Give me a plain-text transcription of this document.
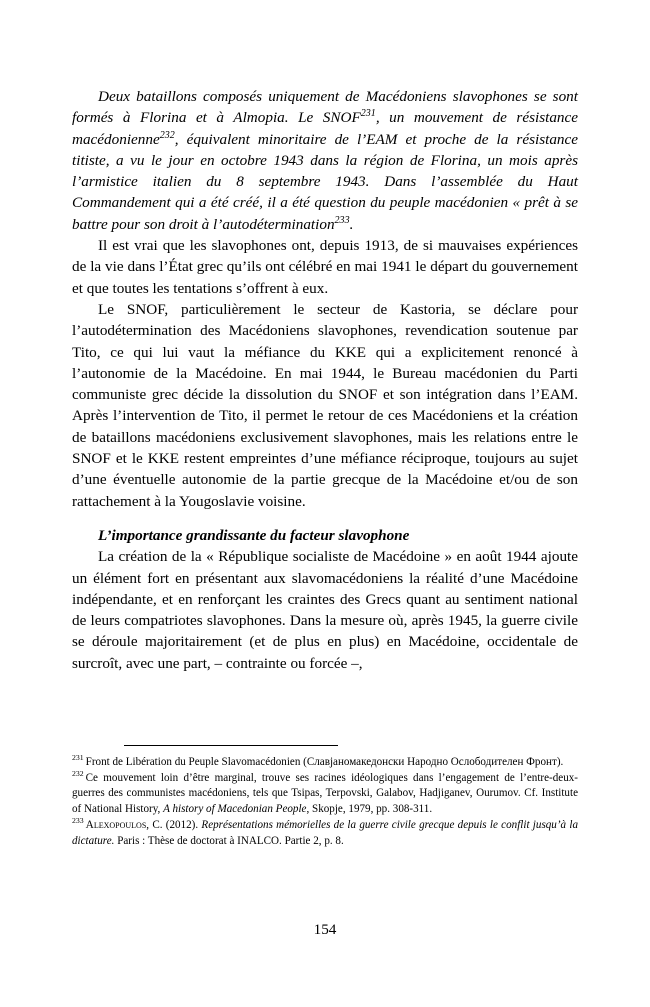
Deux bataillons composés uniquement de Macédoniens slavophones se sont formés à Florina et à Almopia. Le SNOF$^{231}$, un mouvement de résistance macédonienne$^{232}$, équivalent minoritaire de l’EAM et proche de la résistance titiste, a vu le jour en octobre 1943 dans la région de Florina, un mois après l’armistice italien du 8 septembre 1943. Dans l’assemblée du Haut Commandement qui a été créé, il a été question du peuple macédonien « prêt à se battre pour son droit à l’autodétermination$^{233}$.

Il est vrai que les slavophones ont, depuis 1913, de si mauvaises expériences de la vie dans l’État grec qu’ils ont célébré en mai 1941 le départ du gouvernement et que toutes les tentations s’offrent à eux.

Le SNOF, particulièrement le secteur de Kastoria, se déclare pour l’autodétermination des Macédoniens slavophones, revendication soutenue par Tito, ce qui lui vaut la méfiance du KKE qui a explicitement renoncé à l’autonomie de la Macédoine. En mai 1944, le Bureau macédonien du Parti communiste grec décide la dissolution du SNOF et son intégration dans l’EAM. Après l’intervention de Tito, il permet le retour de ces Macédoniens et la création de bataillons macédoniens exclusivement slavophones, mais les relations entre le SNOF et le KKE restent empreintes d’une méfiance réciproque, toujours au sujet d’une éventuelle autonomie de la partie grecque de la Macédoine et/ou de son rattachement à la Yougoslavie voisine.

L’importance grandissante du facteur slavophone

La création de la « République socialiste de Macédoine » en août 1944 ajoute un élément fort en présentant aux slavomacédoniens la réalité d’une Macédoine indépendante, et en renforçant les craintes des Grecs quant au sentiment national de leurs compatriotes slavophones. Dans la mesure où, après 1945, la guerre civile se déroule majoritairement (et de plus en plus) en Macédoine, occidentale de surcroît, avec une part, – contrainte ou forcée –,

$^{231}$ Front de Libération du Peuple Slavomacédonien (Славјаномакедонски Народно Ослободителен Фронт).

$^{232}$ Ce mouvement loin d’être marginal, trouve ses racines idéologiques dans l’engagement de l’entre-deux-guerres des communistes macédoniens, tels que Tsipas, Terpovski, Galabov, Hadjiganev, Ourumov. Cf. Institute of National History, A history of Macedonian People, Skopje, 1979, pp. 308-311.

$^{233}$ Alexopoulos, C. (2012). Représentations mémorielles de la guerre civile grecque depuis le conflit jusqu’à la dictature. Paris : Thèse de doctorat à INALCO. Partie 2, p. 8.

154
